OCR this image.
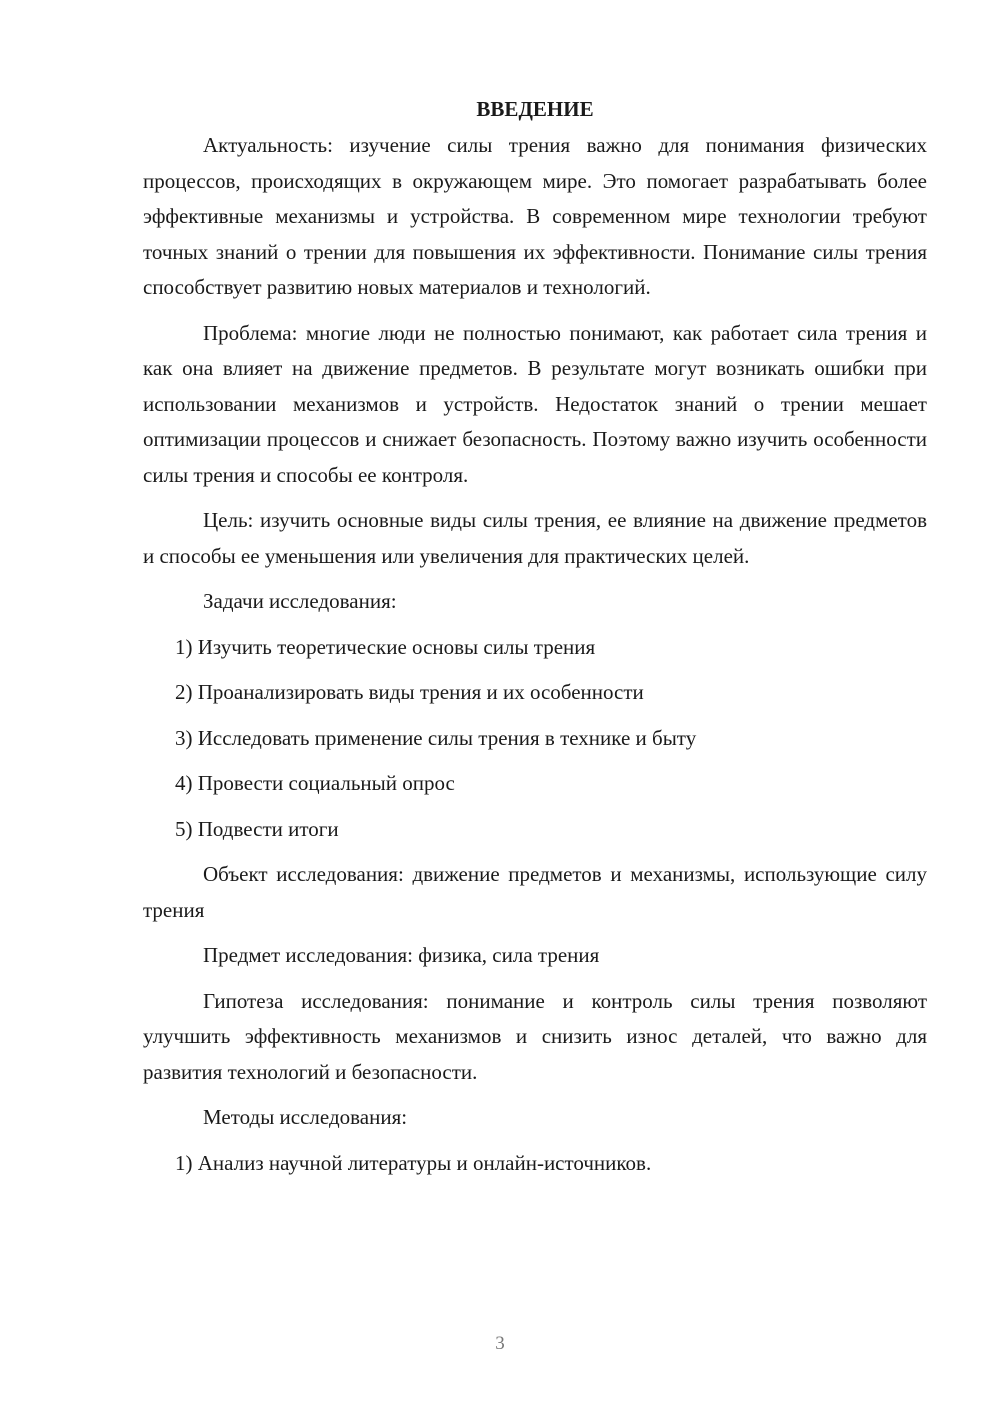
ВВЕДЕНИЕ

Актуальность: изучение силы трения важно для понимания физических процессов, происходящих в окружающем мире. Это помогает разрабатывать более эффективные механизмы и устройства. В современном мире технологии требуют точных знаний о трении для повышения их эффективности. Понимание силы трения способствует развитию новых материалов и технологий.

Проблема: многие люди не полностью понимают, как работает сила трения и как она влияет на движение предметов. В результате могут возникать ошибки при использовании механизмов и устройств. Недостаток знаний о трении мешает оптимизации процессов и снижает безопасность. Поэтому важно изучить особенности силы трения и способы ее контроля.

Цель: изучить основные виды силы трения, ее влияние на движение предметов и способы ее уменьшения или увеличения для практических целей.

Задачи исследования:

1) Изучить теоретические основы силы трения

2) Проанализировать виды трения и их особенности

3) Исследовать применение силы трения в технике и быту

4) Провести социальный опрос

5) Подвести итоги

Объект исследования: движение предметов и механизмы, использующие силу трения

Предмет исследования: физика, сила трения

Гипотеза исследования: понимание и контроль силы трения позволяют улучшить эффективность механизмов и снизить износ деталей, что важно для развития технологий и безопасности.

Методы исследования:

1) Анализ научной литературы и онлайн-источников.

3
